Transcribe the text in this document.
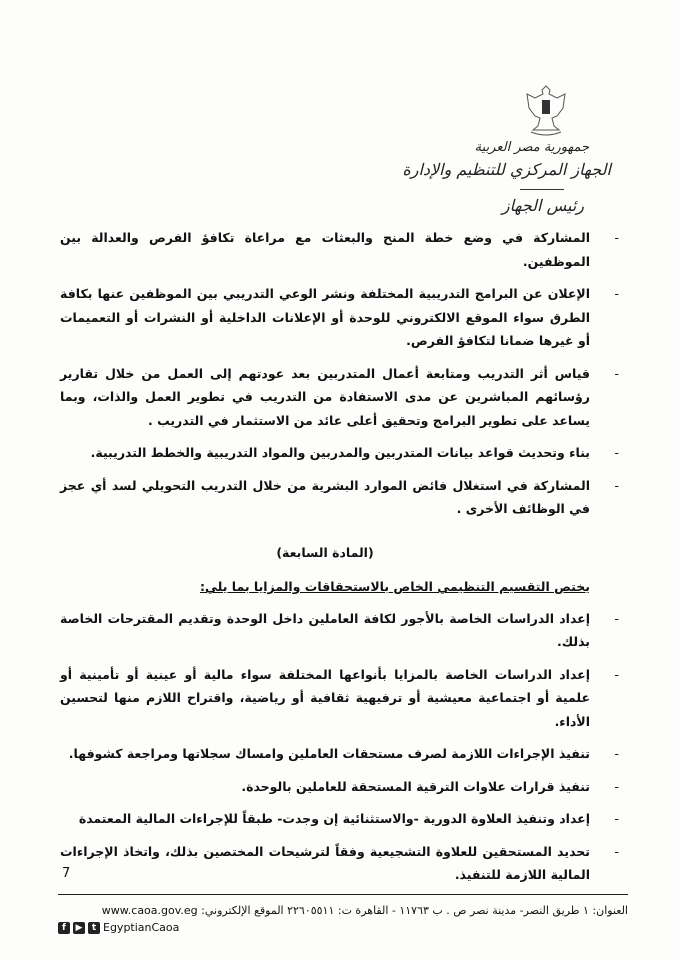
جمهورية مصر العربية
الجهاز المركزي للتنظيم والإدارة
رئيس الجهاز
-
المشاركة في وضع خطة المنح والبعثات مع مراعاة تكافؤ الفرص والعدالة بين الموظفين.
-
الإعلان عن البرامج التدريبية المختلفة ونشر الوعي التدريبي بين الموظفين عنها بكافة الطرق سواء الموقع الالكتروني للوحدة أو الإعلانات الداخلية أو النشرات أو التعميمات أو غيرها ضمانا لتكافؤ الفرص.
-
قياس أثر التدريب ومتابعة أعمال المتدربين بعد عودتهم إلى العمل من خلال تقارير رؤسائهم المباشرين عن مدى الاستفادة من التدريب في تطوير العمل والذات، وبما يساعد على تطوير البرامج وتحقيق أعلى عائد من الاستثمار في التدريب .
-
بناء وتحديث قواعد بيانات المتدربين والمدربين والمواد التدريبية والخطط التدريبية.
-
المشاركة في استغلال فائض الموارد البشرية من خلال التدريب التحويلي لسد أي عجز في الوظائف الأخرى .
(المادة السابعة)
يختص التقسيم التنظيمي الخاص بالاستحقاقات والمزايا بما يلي:
-
إعداد الدراسات الخاصة بالأجور لكافة العاملين داخل الوحدة وتقديم المقترحات الخاصة بذلك.
-
إعداد الدراسات الخاصة بالمزايا بأنواعها المختلفة سواء مالية أو عينية أو تأمينية أو علمية أو اجتماعية معيشية أو ترفيهية ثقافية أو رياضية، واقتراح اللازم منها لتحسين الأداء.
-
تنفيذ الإجراءات اللازمة لصرف مستحقات العاملين وامساك سجلاتها ومراجعة كشوفها.
-
تنفيذ قرارات علاوات الترقية المستحقة للعاملين بالوحدة.
-
إعداد وتنفيذ العلاوة الدورية -والاستثنائية إن وجدت- طبقاً للإجراءات المالية المعتمدة
-
تحديد المستحقين للعلاوة التشجيعية وفقاً لترشيحات المختصين بذلك، واتخاذ الإجراءات المالية اللازمة للتنفيذ.
7
العنوان: ١ طريق النصر- مدينة نصر ص . ب ١١٧٦٣ - القاهرة ت: ٢٢٦٠٥٥١١ الموقع الإلكتروني: www.caoa.gov.eg
f	▶	t EgyptianCaoa
